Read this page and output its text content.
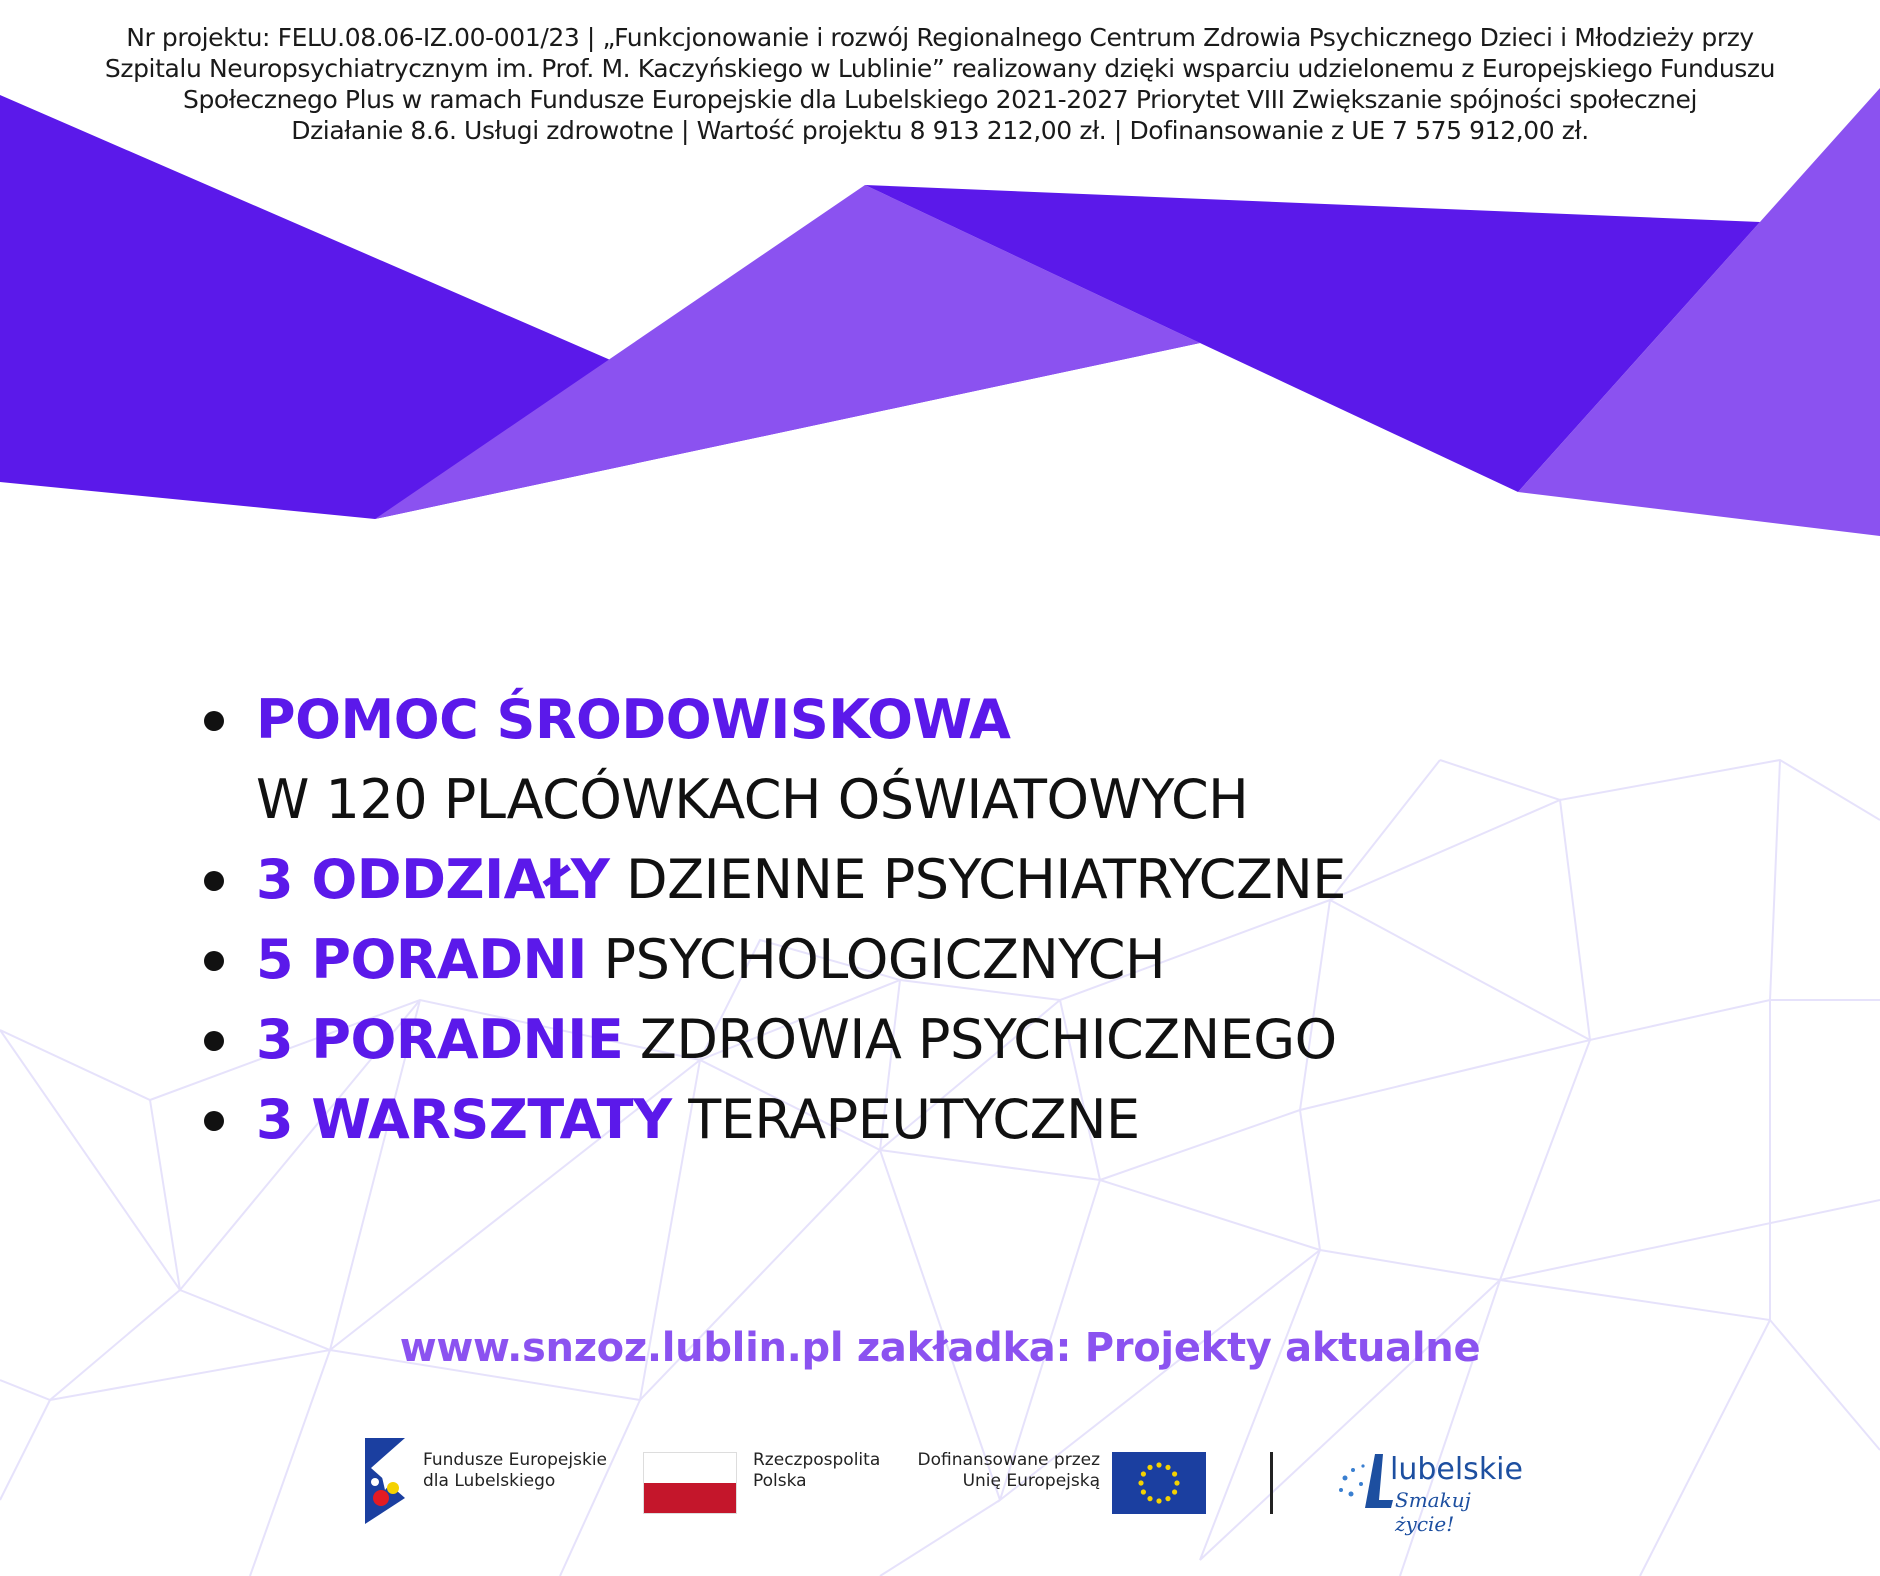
Nr projektu: FELU.08.06-IZ.00-001/23 | „Funkcjonowanie i rozwój Regionalnego Centrum Zdrowia Psychicznego Dzieci i Młodzieży przy
Szpitalu Neuropsychiatrycznym im. Prof. M. Kaczyńskiego w Lublinie” realizowany dzięki wsparciu udzielonemu z Europejskiego Funduszu
Społecznego Plus w ramach Fundusze Europejskie dla Lubelskiego 2021-2027 Priorytet VIII Zwiększanie spójności społecznej
Działanie 8.6. Usługi zdrowotne | Wartość projektu 8 913 212,00 zł. | Dofinansowanie z UE 7 575 912,00 zł.
POMOC ŚRODOWISKOWA
W 120 PLACÓWKACH OŚWIATOWYCH
3 ODDZIAŁY DZIENNE PSYCHIATRYCZNE
5 PORADNI PSYCHOLOGICZNYCH
3 PORADNIE ZDROWIA PSYCHICZNEGO
3 WARSZTATY TERAPEUTYCZNE
www.snzoz.lublin.pl zakładka: Projekty aktualne
Fundusze Europejskie
dla Lubelskiego
Rzeczpospolita
Polska
Dofinansowane przez
Unię Europejską	lubelskie
Smakuj życie!
